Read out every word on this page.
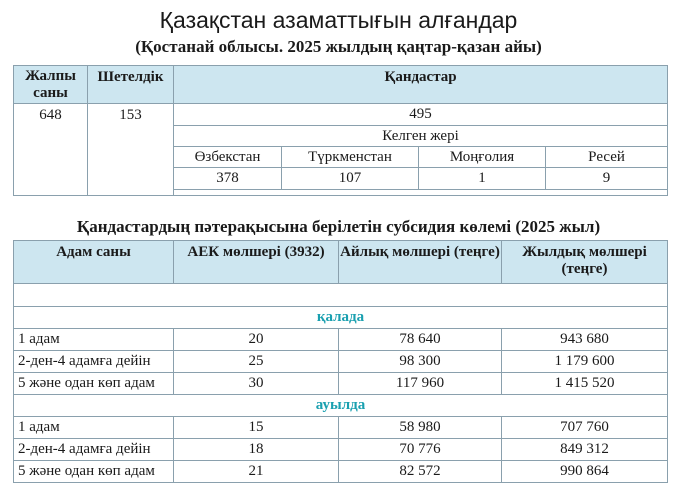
Қазақстан азаматтығын алғандар
(Қостанай облысы. 2025 жылдың қаңтар-қазан айы)
Жалпы саны	Шетелдік	Қандастар			
648	153	495			
		Келген жері			
		Өзбекстан	Түркменстан	Моңғолия	Ресей
		378	107	1	9

Қандастардың пәтерақысына берілетін субсидия көлемі (2025 жыл)
Адам саны	АЕК мөлшері (3932)	Айлық мөлшері (теңге)	Жылдық мөлшері (теңге)

қалада			
1 адам	20	78 640	943 680
2-ден-4 адамға дейін	25	98 300	1 179 600
5 және одан көп адам	30	117 960	1 415 520
ауылда			
1 адам	15	58 980	707 760
2-ден-4 адамға дейін	18	70 776	849 312
5 және одан көп адам	21	82 572	990 864
